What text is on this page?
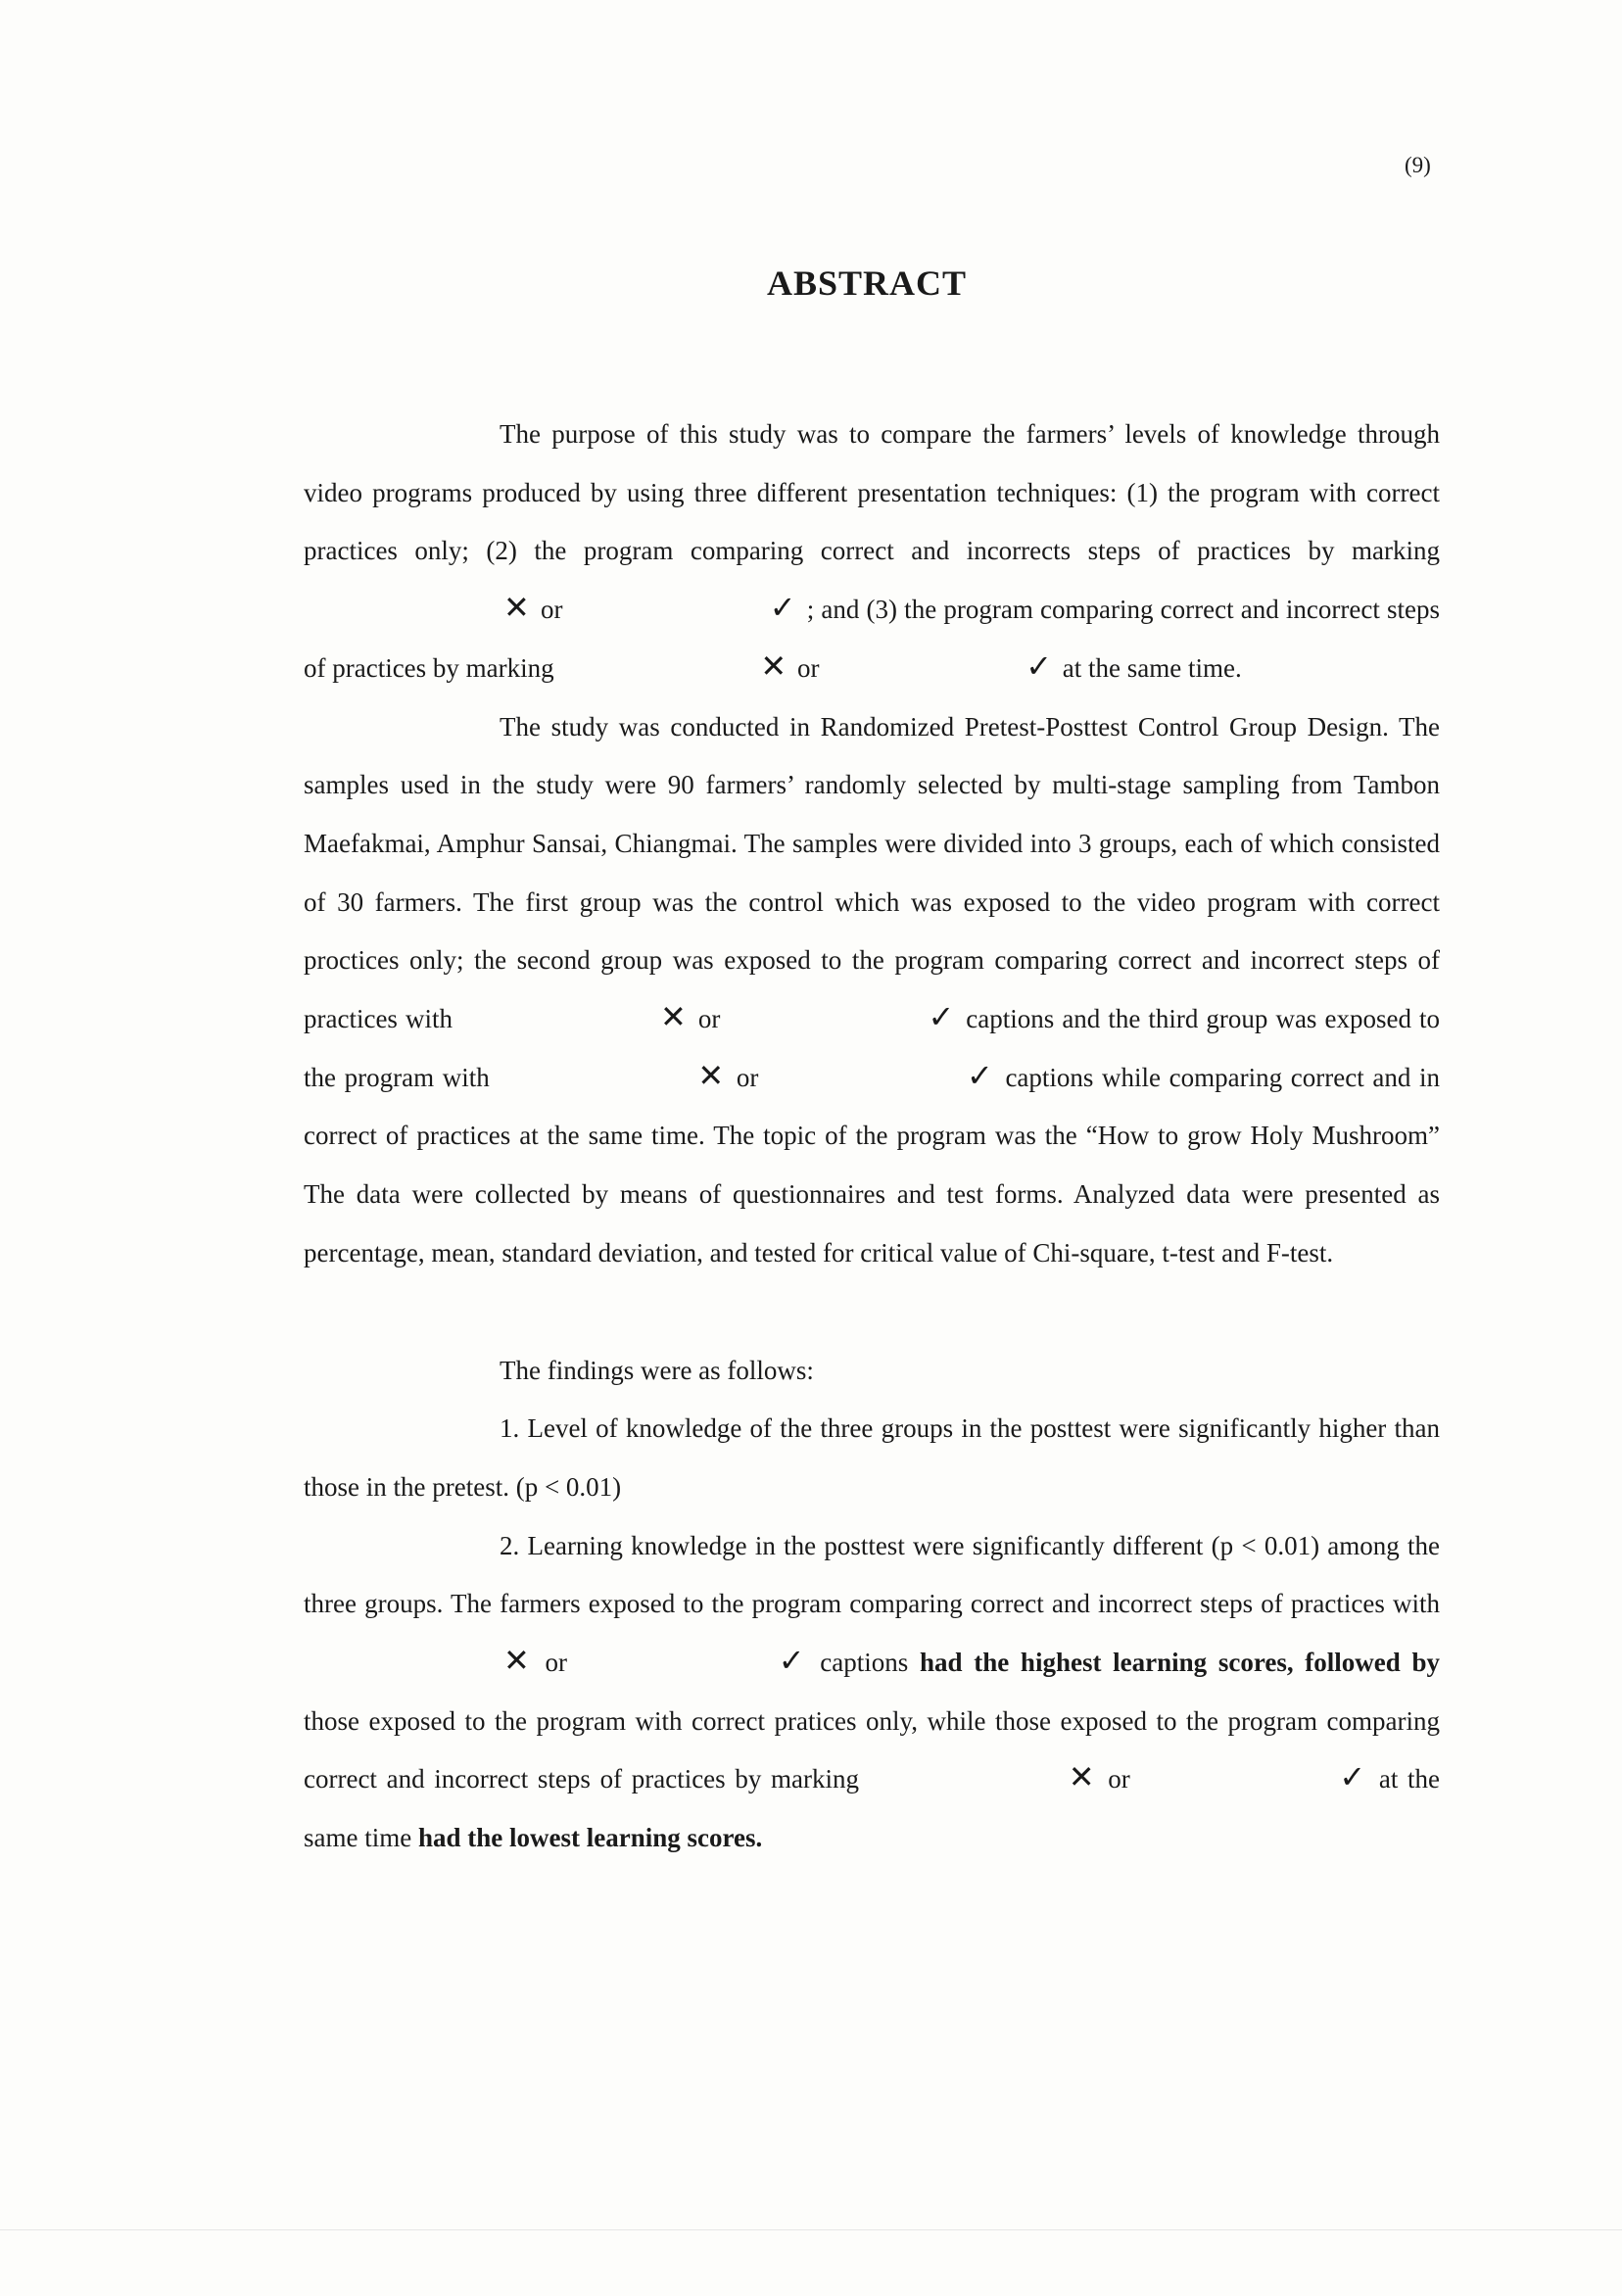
(9)
ABSTRACT

The purpose of this study was to compare the farmers’ levels of knowledge through video programs produced by using three different presentation techniques: (1) the program with correct practices only; (2) the program comparing correct and incorrects steps of practices by marking ✕ or	✓ ; and (3) the program comparing correct and incorrect steps of practices by marking	✕ or	✓ at the same time.

The study was conducted in Randomized Pretest-Posttest Control Group Design. The samples used in the study were 90 farmers’ randomly selected by multi-stage sampling from Tambon Maefakmai, Amphur Sansai, Chiangmai. The samples were divided into 3 groups, each of which consisted of 30 farmers. The first group was the control which was exposed to the video program with correct proctices only; the second group was exposed to the program comparing correct and incorrect steps of practices with	✕ or	✓ captions and the third group was exposed to the program with	✕ or	✓ captions while comparing correct and in correct of practices at the same time. The topic of the program was the “How to grow Holy Mushroom” The data were collected by means of questionnaires and test forms. Analyzed data were presented as percentage, mean, standard deviation, and tested for critical value of Chi-square, t-test and F-test.

The findings were as follows:

1. Level of knowledge of the three groups in the posttest were significantly higher than those in the pretest. (p < 0.01)

2. Learning knowledge in the posttest were significantly different (p < 0.01) among the three groups. The farmers exposed to the program comparing correct and incorrect steps of practices with ✕ or	✓ captions had the highest learning scores, followed by those exposed to the program with correct pratices only, while those exposed to the program comparing correct and incorrect steps of practices by marking	✕ or	✓ at the same time had the lowest learning scores.
